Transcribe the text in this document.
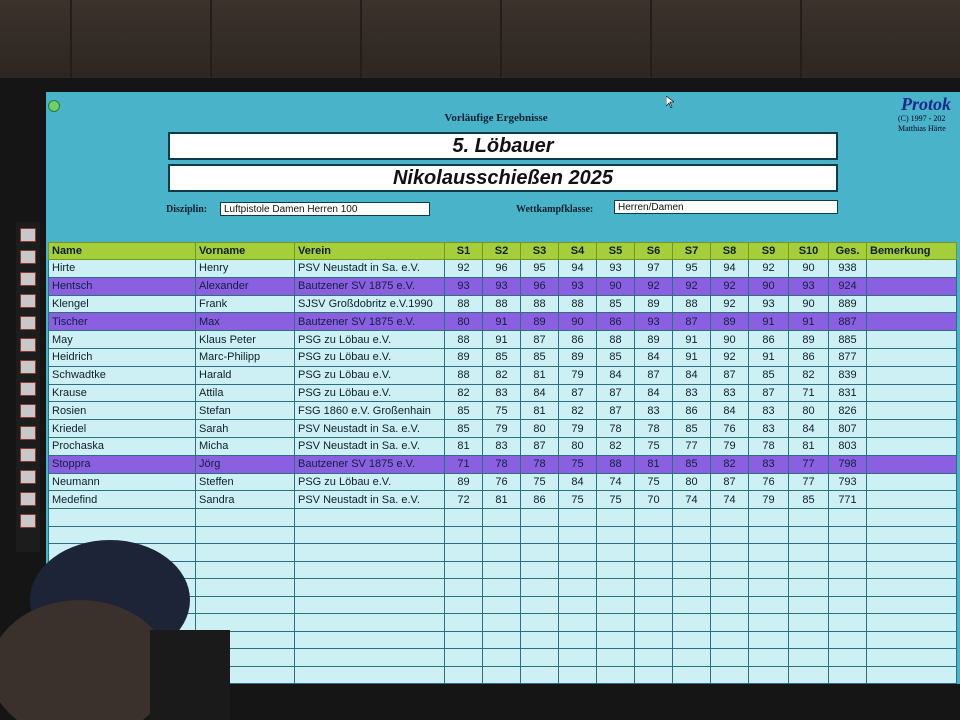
Protok
(C) 1997 - 202
Matthias Härte
Vorläufige Ergebnisse
5. Löbauer
Nikolausschießen 2025
Disziplin:	Luftpistole Damen Herren 100	Wettkampfklasse:	Herren/Damen
Name	Vorname	Verein	S1	S2	S3	S4	S5	S6	S7	S8	S9	S10	Ges.	Bemerkung
Hirte	Henry	PSV Neustadt in Sa. e.V.	92	96	95	94	93	97	95	94	92	90	938	
Hentsch	Alexander	Bautzener SV 1875 e.V.	93	93	96	93	90	92	92	92	90	93	924	
Klengel	Frank	SJSV Großdobritz e.V.1990	88	88	88	88	85	89	88	92	93	90	889	
Tischer	Max	Bautzener SV 1875 e.V.	80	91	89	90	86	93	87	89	91	91	887	
May	Klaus Peter	PSG zu Löbau e.V.	88	91	87	86	88	89	91	90	86	89	885	
Heidrich	Marc-Philipp	PSG zu Löbau e.V.	89	85	85	89	85	84	91	92	91	86	877	
Schwadtke	Harald	PSG zu Löbau e.V.	88	82	81	79	84	87	84	87	85	82	839	
Krause	Attila	PSG zu Löbau e.V.	82	83	84	87	87	84	83	83	87	71	831	
Rosien	Stefan	FSG 1860 e.V. Großenhain	85	75	81	82	87	83	86	84	83	80	826	
Kriedel	Sarah	PSV Neustadt in Sa. e.V.	85	79	80	79	78	78	85	76	83	84	807	
Prochaska	Micha	PSV Neustadt in Sa. e.V.	81	83	87	80	82	75	77	79	78	81	803	
Stoppra	Jörg	Bautzener SV 1875 e.V.	71	78	78	75	88	81	85	82	83	77	798	
Neumann	Steffen	PSG zu Löbau e.V.	89	76	75	84	74	75	80	87	76	77	793	
Medefind	Sandra	PSV Neustadt in Sa. e.V.	72	81	86	75	75	70	74	74	79	85	771	
